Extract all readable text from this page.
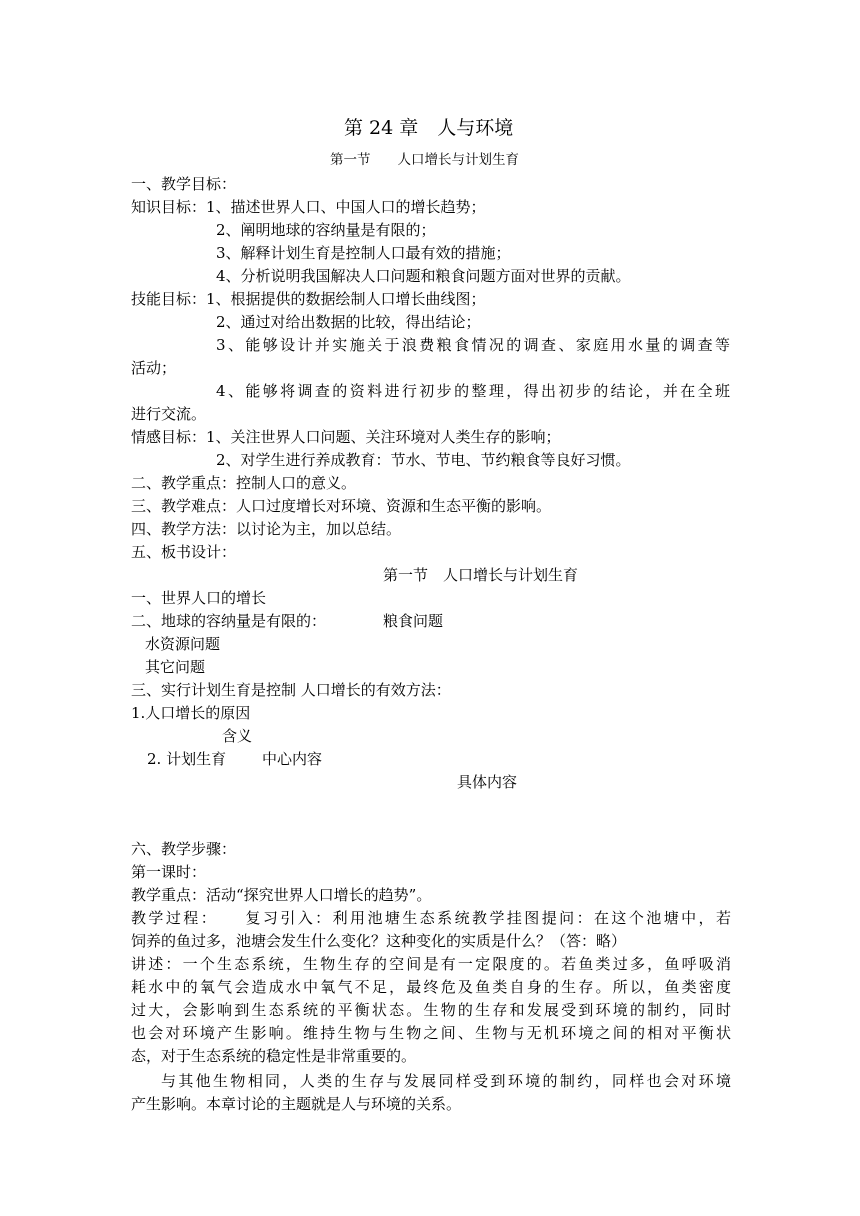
第 24 章　人与环境
第一节　　人口增长与计划生育
一、教学目标：
知识目标：1、描述世界人口、中国人口的增长趋势；
2、阐明地球的容纳量是有限的；
3、解释计划生育是控制人口最有效的措施；
4、分析说明我国解决人口问题和粮食问题方面对世界的贡献。
技能目标：1、根据提供的数据绘制人口增长曲线图；
2、通过对给出数据的比较，得出结论；
3、能够设计并实施关于浪费粮食情况的调查、家庭用水量的调查等
活动；
4、能够将调查的资料进行初步的整理，得出初步的结论，并在全班
进行交流。
情感目标：1、关注世界人口问题、关注环境对人类生存的影响；
2、对学生进行养成教育：节水、节电、节约粮食等良好习惯。
二、教学重点：控制人口的意义。
三、教学难点：人口过度增长对环境、资源和生态平衡的影响。
四、教学方法：以讨论为主，加以总结。
五、板书设计：
第一节　人口增长与计划生育
一、世界人口的增长
二、地球的容纳量是有限的：	粮食问题
水资源问题
其它问题
三、实行计划生育是控制 人口增长的有效方法：
1.人口增长的原因
含义
2. 计划生育 中心内容
具体内容
六、教学步骤：
第一课时：
教学重点：活动“探究世界人口增长的趋势”。
教学过程：　　复习引入：利用池塘生态系统教学挂图提问：在这个池塘中，若
饲养的鱼过多，池塘会发生什么变化？这种变化的实质是什么？（答：略）
讲述：一个生态系统，生物生存的空间是有一定限度的。若鱼类过多，鱼呼吸消
耗水中的氧气会造成水中氧气不足，最终危及鱼类自身的生存。所以，鱼类密度
过大，会影响到生态系统的平衡状态。生物的生存和发展受到环境的制约，同时
也会对环境产生影响。维持生物与生物之间、生物与无机环境之间的相对平衡状
态，对于生态系统的稳定性是非常重要的。
与其他生物相同，人类的生存与发展同样受到环境的制约，同样也会对环境
产生影响。本章讨论的主题就是人与环境的关系。
